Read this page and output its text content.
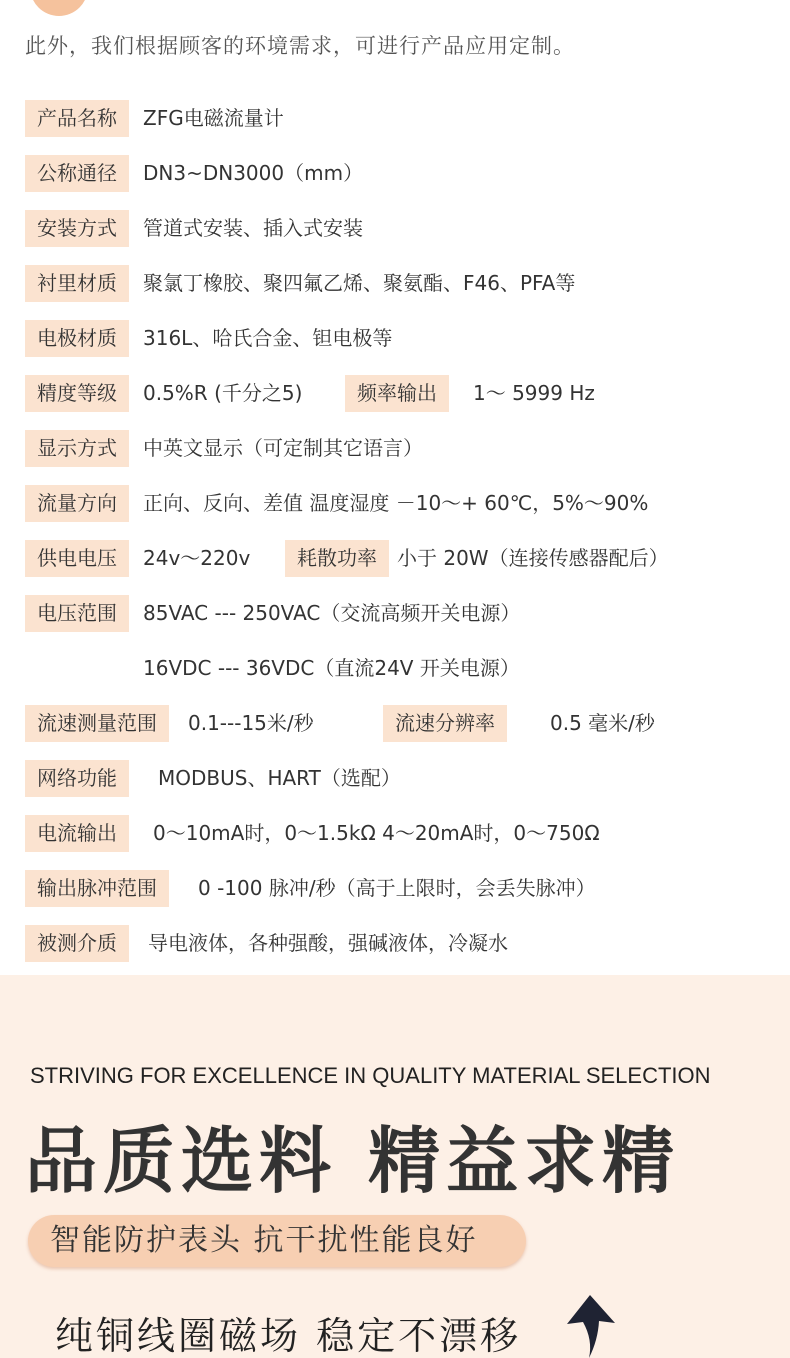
此外，我们根据顾客的环境需求，可进行产品应用定制。
产品名称	ZFG电磁流量计
公称通径	DN3~DN3000（mm）
安装方式	管道式安装、插入式安装
衬里材质	聚氯丁橡胶、聚四氟乙烯、聚氨酯、F46、PFA等
电极材质	316L、哈氏合金、钽电极等
精度等级	0.5%R (千分之5)	频率输出	1～ 5999 Hz
显示方式	中英文显示（可定制其它语言）
流量方向	正向、反向、差值 温度湿度 －10～+ 60℃，5%～90%
供电电压	24v～220v	耗散功率	小于 20W（连接传感器配后）
电压范围	85VAC --- 250VAC（交流高频开关电源）
16VDC --- 36VDC（直流24V 开关电源）
流速测量范围	0.1---15米/秒	流速分辨率	0.5 毫米/秒
网络功能	MODBUS、HART（选配）
电流输出	0～10mA时，0～1.5kΩ 4～20mA时，0～750Ω
输出脉冲范围	0 -100 脉冲/秒（高于上限时，会丢失脉冲）
被测介质	导电液体，各种强酸，强碱液体，冷凝水
STRIVING FOR EXCELLENCE IN QUALITY MATERIAL SELECTION
品质选料 精益求精
智能防护表头 抗干扰性能良好
纯铜线圈磁场 稳定不漂移
